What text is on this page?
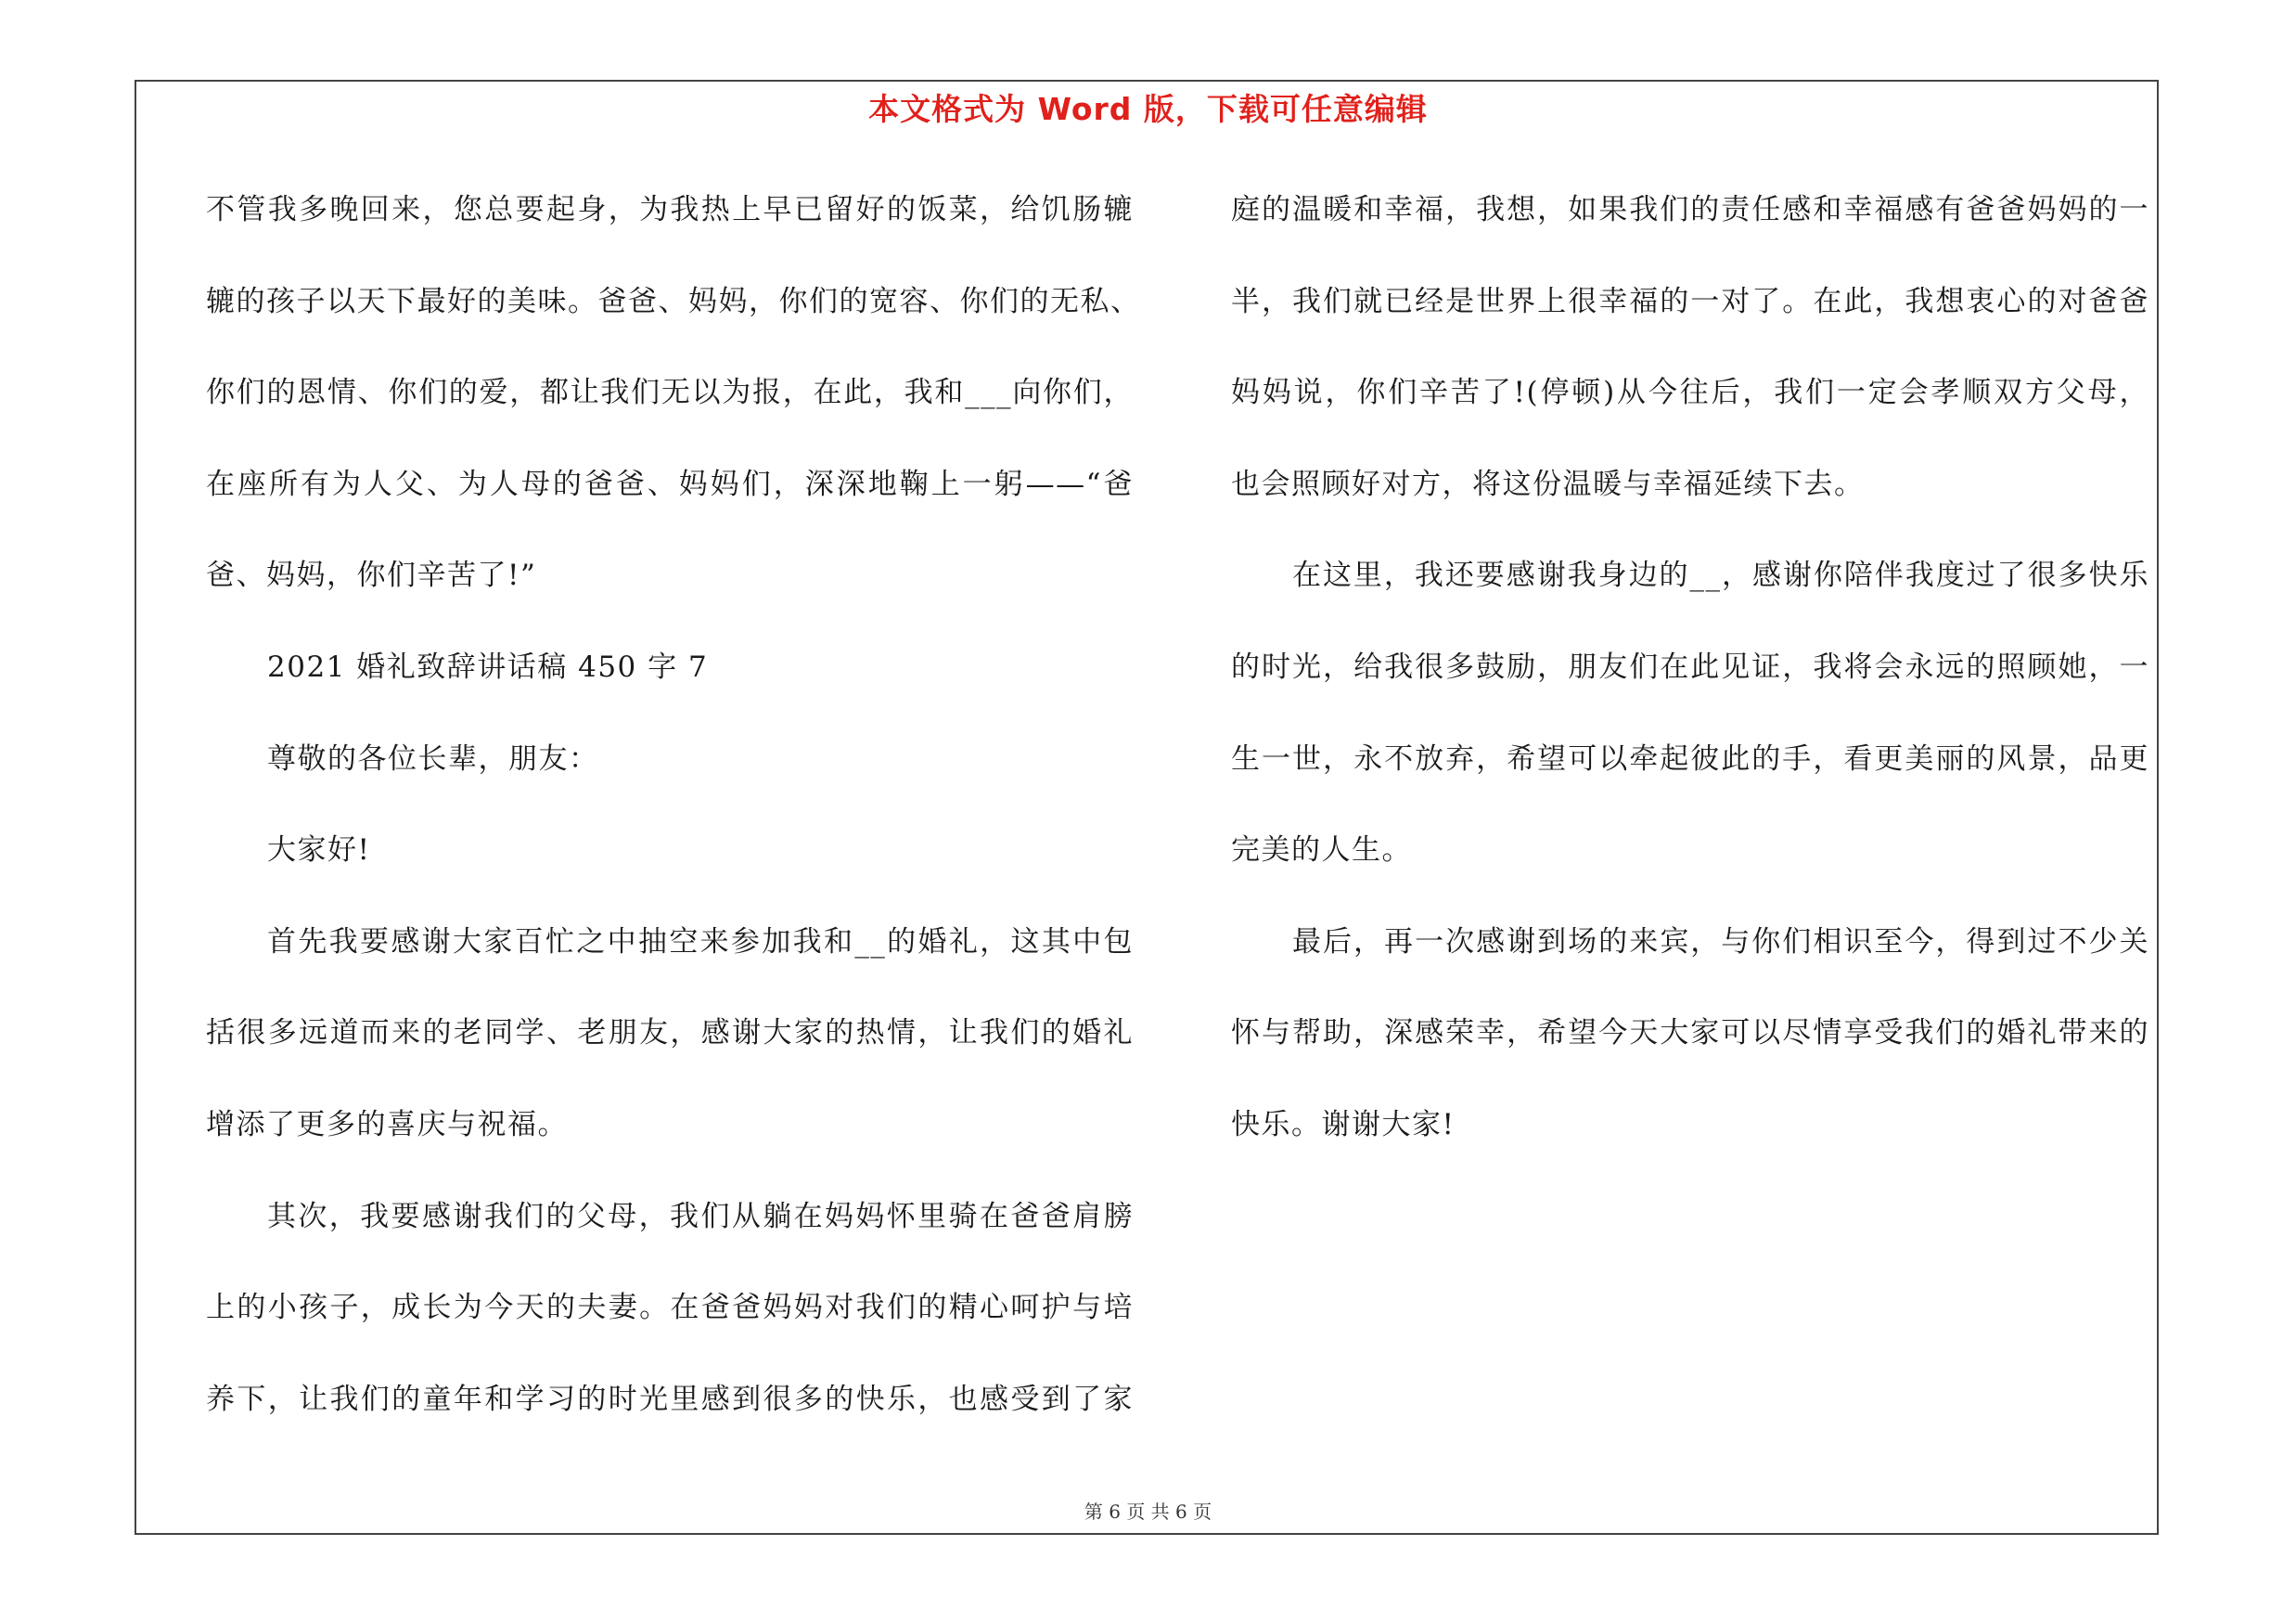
本文格式为 Word 版，下载可任意编辑
不管我多晚回来，您总要起身，为我热上早已留好的饭菜，给饥肠辘
辘的孩子以天下最好的美味。爸爸、妈妈，你们的宽容、你们的无私、
你们的恩情、你们的爱，都让我们无以为报，在此，我和___向你们，
在座所有为人父、为人母的爸爸、妈妈们，深深地鞠上一躬——“爸
爸、妈妈，你们辛苦了!”
2021 婚礼致辞讲话稿 450 字 7
尊敬的各位长辈，朋友：
大家好!
首先我要感谢大家百忙之中抽空来参加我和__的婚礼，这其中包
括很多远道而来的老同学、老朋友，感谢大家的热情，让我们的婚礼
增添了更多的喜庆与祝福。
其次，我要感谢我们的父母，我们从躺在妈妈怀里骑在爸爸肩膀
上的小孩子，成长为今天的夫妻。在爸爸妈妈对我们的精心呵护与培
养下，让我们的童年和学习的时光里感到很多的快乐，也感受到了家
庭的温暖和幸福，我想，如果我们的责任感和幸福感有爸爸妈妈的一
半，我们就已经是世界上很幸福的一对了。在此，我想衷心的对爸爸
妈妈说，你们辛苦了!(停顿)从今往后，我们一定会孝顺双方父母，
也会照顾好对方，将这份温暖与幸福延续下去。
在这里，我还要感谢我身边的__，感谢你陪伴我度过了很多快乐
的时光，给我很多鼓励，朋友们在此见证，我将会永远的照顾她，一
生一世，永不放弃，希望可以牵起彼此的手，看更美丽的风景，品更
完美的人生。
最后，再一次感谢到场的来宾，与你们相识至今，得到过不少关
怀与帮助，深感荣幸，希望今天大家可以尽情享受我们的婚礼带来的
快乐。谢谢大家!
第 6 页 共 6 页
